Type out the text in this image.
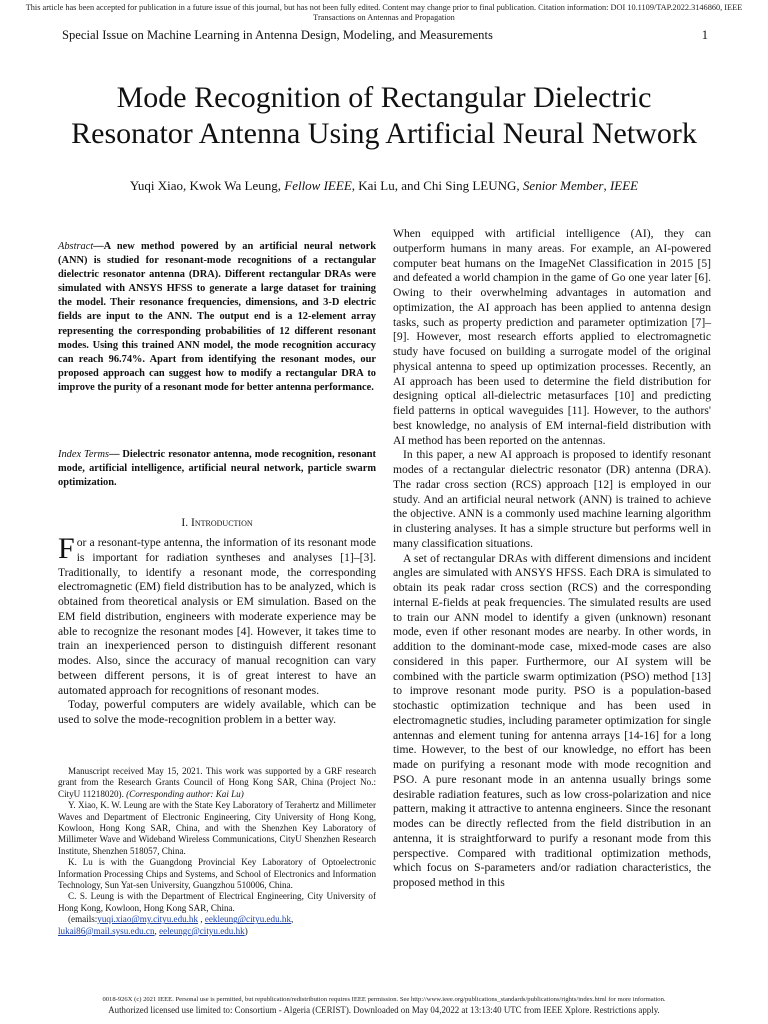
This article has been accepted for publication in a future issue of this journal, but has not been fully edited. Content may change prior to final publication. Citation information: DOI 10.1109/TAP.2022.3146860, IEEE
Transactions on Antennas and Propagation
Special Issue on Machine Learning in Antenna Design, Modeling, and Measurements	1
Mode Recognition of Rectangular Dielectric
Resonator Antenna Using Artificial Neural Network
Yuqi Xiao, Kwok Wa Leung, Fellow IEEE, Kai Lu, and Chi Sing LEUNG, Senior Member, IEEE
Abstract—A new method powered by an artificial neural network (ANN) is studied for resonant-mode recognitions of a rectangular dielectric resonator antenna (DRA). Different rectangular DRAs were simulated with ANSYS HFSS to generate a large dataset for training the model. Their resonance frequencies, dimensions, and 3-D electric fields are input to the ANN. The output end is a 12-element array representing the corresponding probabilities of 12 different resonant modes. Using this trained ANN model, the mode recognition accuracy can reach 96.74%. Apart from identifying the resonant modes, our proposed approach can suggest how to modify a rectangular DRA to improve the purity of a resonant mode for better antenna performance.
Index Terms— Dielectric resonator antenna, mode recognition, resonant mode, artificial intelligence, artificial neural network, particle swarm optimization.
I. Introduction

For a resonant-type antenna, the information of its resonant mode is important for radiation syntheses and analyses [1]–[3]. Traditionally, to identify a resonant mode, the corresponding electromagnetic (EM) field distribution has to be analyzed, which is obtained from theoretical analysis or EM simulation. Based on the EM field distribution, engineers with moderate experience may be able to recognize the resonant modes [4]. However, it takes time to train an inexperienced person to distinguish different resonant modes. Also, since the accuracy of manual recognition can vary between different persons, it is of great interest to have an automated approach for recognitions of resonant modes.

Today, powerful computers are widely available, which can be used to solve the mode-recognition problem in a better way.

Manuscript received May 15, 2021. This work was supported by a GRF research grant from the Research Grants Council of Hong Kong SAR, China (Project No.: CityU 11218020). (Corresponding author: Kai Lu)

Y. Xiao, K. W. Leung are with the State Key Laboratory of Terahertz and Millimeter Waves and Department of Electronic Engineering, City University of Hong Kong, Kowloon, Hong Kong SAR, China, and with the Shenzhen Key Laboratory of Millimeter Wave and Wideband Wireless Communications, CityU Shenzhen Research Institute, Shenzhen 518057, China.

K. Lu is with the Guangdong Provincial Key Laboratory of Optoelectronic Information Processing Chips and Systems, and School of Electronics and Information Technology, Sun Yat-sen University, Guangzhou 510006, China.

C. S. Leung is with the Department of Electrical Engineering, City University of Hong Kong, Kowloon, Hong Kong SAR, China.

(emails:yuqi.xiao@my.cityu.edu.hk , eekleung@cityu.edu.hk,
lukai86@mail.sysu.edu.cn, eeleungc@cityu.edu.hk)

When equipped with artificial intelligence (AI), they can outperform humans in many areas. For example, an AI-powered computer beat humans on the ImageNet Classification in 2015 [5] and defeated a world champion in the game of Go one year later [6]. Owing to their overwhelming advantages in automation and optimization, the AI approach has been applied to antenna design tasks, such as property prediction and parameter optimization [7]–[9]. However, most research efforts applied to electromagnetic study have focused on building a surrogate model of the original physical antenna to speed up optimization processes. Recently, an AI approach has been used to determine the field distribution for designing optical all-dielectric metasurfaces [10] and predicting field patterns in optical waveguides [11]. However, to the authors' best knowledge, no analysis of EM internal-field distribution with AI method has been reported on the antennas.

In this paper, a new AI approach is proposed to identify resonant modes of a rectangular dielectric resonator (DR) antenna (DRA). The radar cross section (RCS) approach [12] is employed in our study. And an artificial neural network (ANN) is trained to achieve the objective. ANN is a commonly used machine learning algorithm in clustering analyses. It has a simple structure but performs well in many classification situations.

A set of rectangular DRAs with different dimensions and incident angles are simulated with ANSYS HFSS. Each DRA is simulated to obtain its peak radar cross section (RCS) and the corresponding internal E-fields at peak frequencies. The simulated results are used to train our ANN model to identify a given (unknown) resonant mode, even if other resonant modes are nearby. In other words, in addition to the dominant-mode case, mixed-mode cases are also considered in this paper. Furthermore, our AI system will be combined with the particle swarm optimization (PSO) method [13] to improve resonant mode purity. PSO is a population-based stochastic optimization technique and has been used in electromagnetic studies, including parameter optimization for single antennas and element tuning for antenna arrays [14-16] for a long time. However, to the best of our knowledge, no effort has been made on purifying a resonant mode with mode recognition and PSO. A pure resonant mode in an antenna usually brings some desirable radiation features, such as low cross-polarization and nice pattern, making it attractive to antenna engineers. Since the resonant modes can be directly reflected from the field distribution in an antenna, it is straightforward to purify a resonant mode from this perspective. Compared with traditional optimization methods, which focus on S-parameters and/or radiation characteristics, the proposed method in this

0018-926X (c) 2021 IEEE. Personal use is permitted, but republication/redistribution requires IEEE permission. See http://www.ieee.org/publications_standards/publications/rights/index.html for more information.
Authorized licensed use limited to: Consortium - Algeria (CERIST). Downloaded on May 04,2022 at 13:13:40 UTC from IEEE Xplore. Restrictions apply.
